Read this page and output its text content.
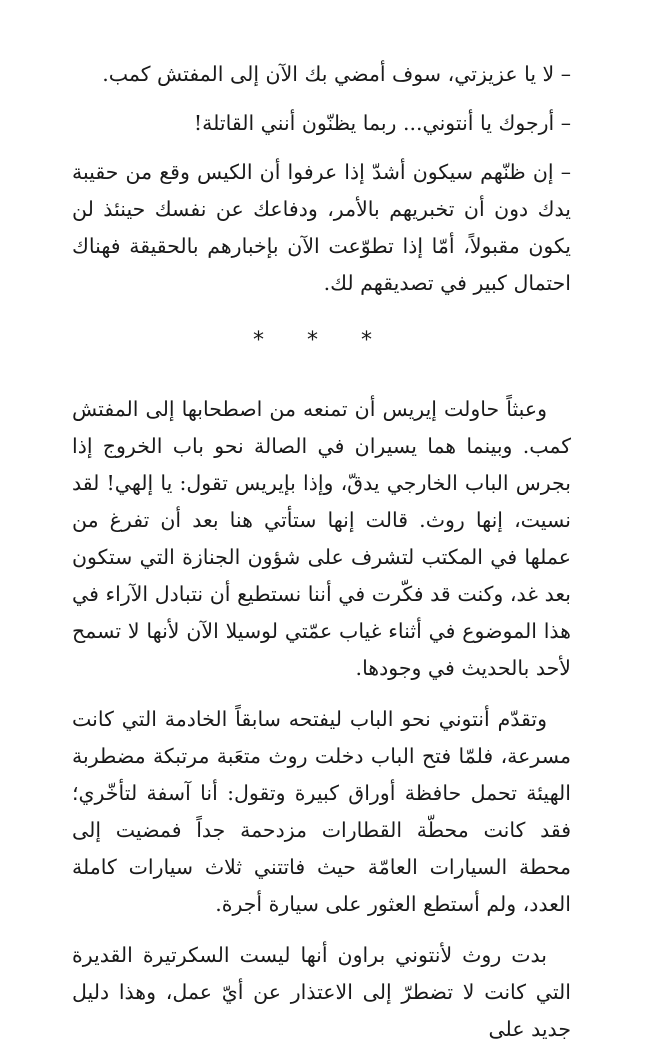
– لا يا عزيزتي، سوف أمضي بك الآن إلى المفتش كمب.

– أرجوك يا أنتوني... ربما يظنّون أنني القاتلة!

– إن ظنّهم سيكون أشدّ إذا عرفوا أن الكيس وقع من حقيبة يدك دون أن تخبريهم بالأمر، ودفاعك عن نفسك حينئذ لن يكون مقبولاً، أمّا إذا تطوّعت الآن بإخبارهم بالحقيقة فهناك احتمال كبير في تصديقهم لك.

* * *

وعبثاً حاولت إيريس أن تمنعه من اصطحابها إلى المفتش كمب. وبينما هما يسيران في الصالة نحو باب الخروج إذا بجرس الباب الخارجي يدقّ، وإذا بإيريس تقول: يا إلهي! لقد نسيت، إنها روث. قالت إنها ستأتي هنا بعد أن تفرغ من عملها في المكتب لتشرف على شؤون الجنازة التي ستكون بعد غد، وكنت قد فكّرت في أننا نستطيع أن نتبادل الآراء في هذا الموضوع في أثناء غياب عمّتي لوسيلا الآن لأنها لا تسمح لأحد بالحديث في وجودها.

وتقدّم أنتوني نحو الباب ليفتحه سابقاً الخادمة التي كانت مسرعة، فلمّا فتح الباب دخلت روث متعَبة مرتبكة مضطربة الهيئة تحمل حافظة أوراق كبيرة وتقول: أنا آسفة لتأخّري؛ فقد كانت محطّة القطارات مزدحمة جداً فمضيت إلى محطة السيارات العامّة حيث فاتتني ثلاث سيارات كاملة العدد، ولم أستطع العثور على سيارة أجرة.

بدت روث لأنتوني براون أنها ليست السكرتيرة القديرة التي كانت لا تضطرّ إلى الاعتذار عن أيّ عمل، وهذا دليل جديد على
